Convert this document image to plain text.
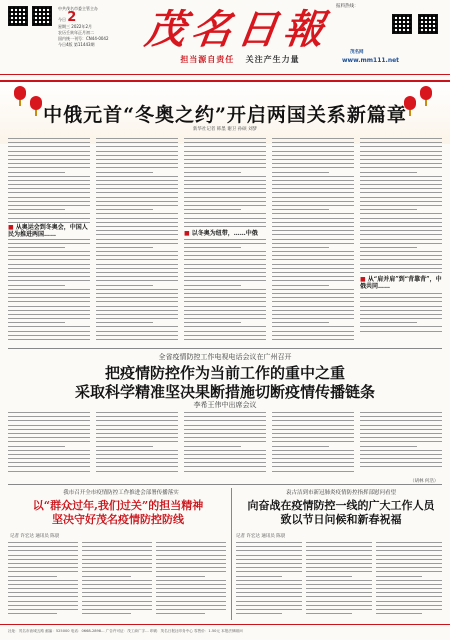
中共茂名市委主管主办
今日 2
星期三 2022年2月
农历壬寅年正月初二
国内统一刊号：CN44-0042
今日4版 第11443期	茂名日報
担当源自责任 关注产生力量
报料热线：
茂名网
www.mm111.net
中俄元首“冬奥之约”开启两国关系新篇章
新华社记者 韩墨 谢卫 孙硕 刘梦
■ 从奥运会到冬奥会，中国人民为推进两国……	■ 以冬奥为纽带，……中俄
■ 从“肩并肩”到“背靠背”，中俄共同……
全省疫情防控工作电视电话会议在广州召开
把疫情防控作为当前工作的重中之重
采取科学精准坚决果断措施切断疫情传播链条
李希王伟中出席会议
（胡林 何浩）
我市召开全市疫情防控工作推进会部署传播落实
以“群众过年,我们过关”的担当精神
坚决守好茂名疫情防控防线
记者 许宏达 通讯员 陈晨
袁古洁到市新冠肺炎疫情防控指挥部慰问看望
向奋战在疫情防控一线的广大工作人员
致以节日问候和新春祝福
记者 许宏达 通讯员 陈晨
社址：茂名市油城五路 邮编：525000 电话：0668-2898... 广告许可证：茂工商广字... 印刷：茂名日报社印务中心 零售价：1.50元 本报法律顾问
